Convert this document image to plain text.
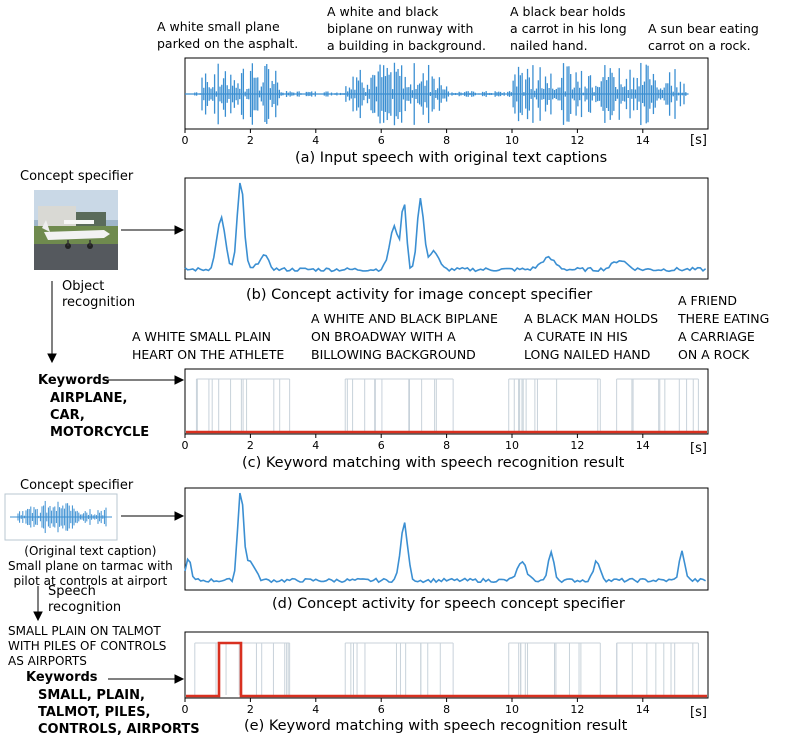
A white small plane
parked on the asphalt.
A white and black
biplane on runway with
a building in background.
A black bear holds
a carrot in his long
nailed hand.
A sun bear eating
carrot on a rock.
0	2	4	6	8	10	12	14
0	2	4	6	8	10	12	14
0	2	4	6	8	10	12	14
(a) Input speech with original text captions
(b) Concept activity for image concept specifier
(c) Keyword matching with speech recognition result
(d) Concept activity for speech concept specifier
(e) Keyword matching with speech recognition result
[s]
[s]
[s]
Concept specifier
Object
recognition
Keywords
AIRPLANE,
CAR,
MOTORCYCLE
Concept specifier
(Original text caption)
Small plane on tarmac with
pilot at controls at airport
Speech
recognition
SMALL PLAIN ON TALMOT
WITH PILES OF CONTROLS
AS AIRPORTS
Keywords
SMALL, PLAIN,
TALMOT, PILES,
CONTROLS, AIRPORTS
A WHITE SMALL PLAIN
HEART ON THE ATHLETE
A WHITE AND BLACK BIPLANE
ON BROADWAY WITH A
BILLOWING BACKGROUND
A BLACK MAN HOLDS
A CURATE IN HIS
LONG NAILED HAND
A FRIEND
THERE EATING
A CARRIAGE
ON A ROCK
